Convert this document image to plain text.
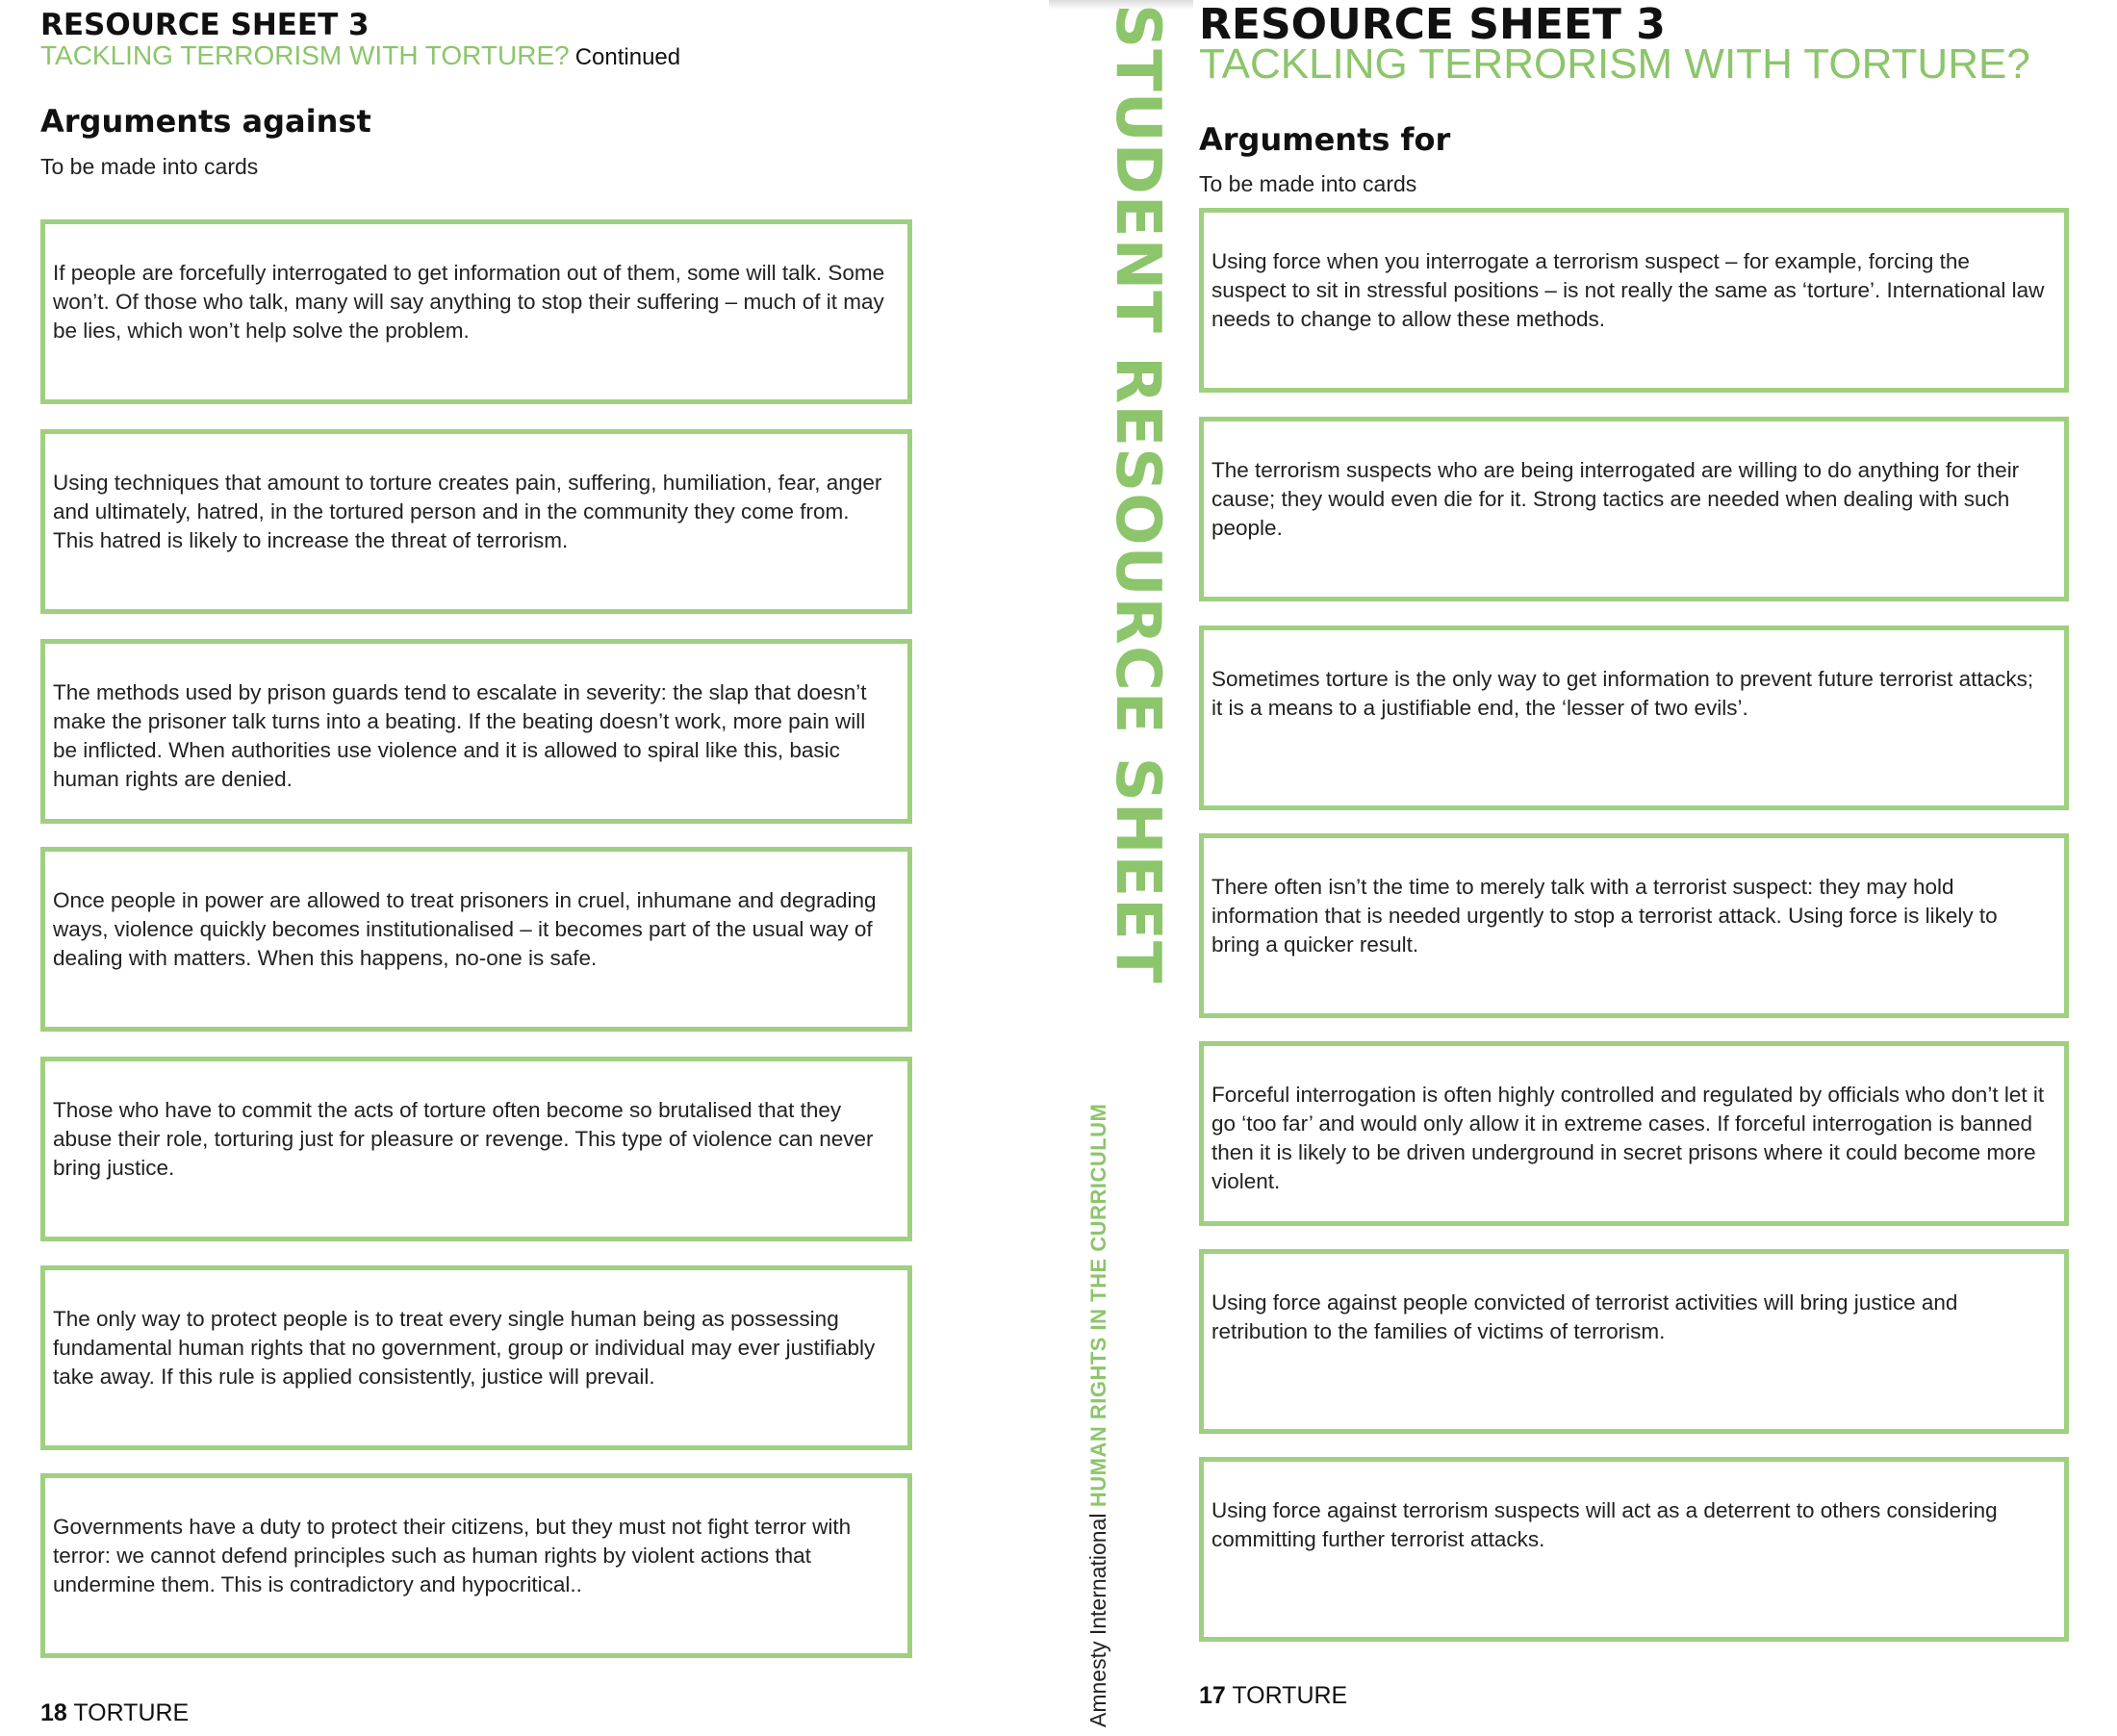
RESOURCE SHEET 3
TACKLING TERRORISM WITH TORTURE? Continued
Arguments against

To be made into cards

If people are forcefully interrogated to get information out of them, some will talk. Some won’t. Of those who talk, many will say anything to stop their suffering – much of it may be lies, which won’t help solve the problem.

Using techniques that amount to torture creates pain, suffering, humiliation, fear, anger and ultimately, hatred, in the tortured person and in the community they come from. This hatred is likely to increase the threat of terrorism.

The methods used by prison guards tend to escalate in severity: the slap that doesn’t make the prisoner talk turns into a beating. If the beating doesn’t work, more pain will be inflicted. When authorities use violence and it is allowed to spiral like this, basic human rights are denied.

Once people in power are allowed to treat prisoners in cruel, inhumane and degrading ways, violence quickly becomes institutionalised – it becomes part of the usual way of dealing with matters. When this happens, no-one is safe.

Those who have to commit the acts of torture often become so brutalised that they abuse their role, torturing just for pleasure or revenge. This type of violence can never bring justice.

The only way to protect people is to treat every single human being as possessing fundamental human rights that no government, group or individual may ever justifiably take away. If this rule is applied consistently, justice will prevail.

Governments have a duty to protect their citizens, but they must not fight terror with terror: we cannot defend principles such as human rights by violent actions that undermine them. This is contradictory and hypocritical..

18 TORTURE

STUDENT RESOURCE SHEET
Amnesty International HUMAN RIGHTS IN THE CURRICULUM
RESOURCE SHEET 3
TACKLING TERRORISM WITH TORTURE?
Arguments for

To be made into cards

Using force when you interrogate a terrorism suspect – for example, forcing the suspect to sit in stressful positions – is not really the same as ‘torture’. International law needs to change to allow these methods.

The terrorism suspects who are being interrogated are willing to do anything for their cause; they would even die for it. Strong tactics are needed when dealing with such people.

Sometimes torture is the only way to get information to prevent future terrorist attacks; it is a means to a justifiable end, the ‘lesser of two evils’.

There often isn’t the time to merely talk with a terrorist suspect: they may hold information that is needed urgently to stop a terrorist attack. Using force is likely to bring a quicker result.

Forceful interrogation is often highly controlled and regulated by officials who don’t let it go ‘too far’ and would only allow it in extreme cases. If forceful interrogation is banned then it is likely to be driven underground in secret prisons where it could become more violent.

Using force against people convicted of terrorist activities will bring justice and retribution to the families of victims of terrorism.

Using force against terrorism suspects will act as a deterrent to others considering committing further terrorist attacks.

17 TORTURE
